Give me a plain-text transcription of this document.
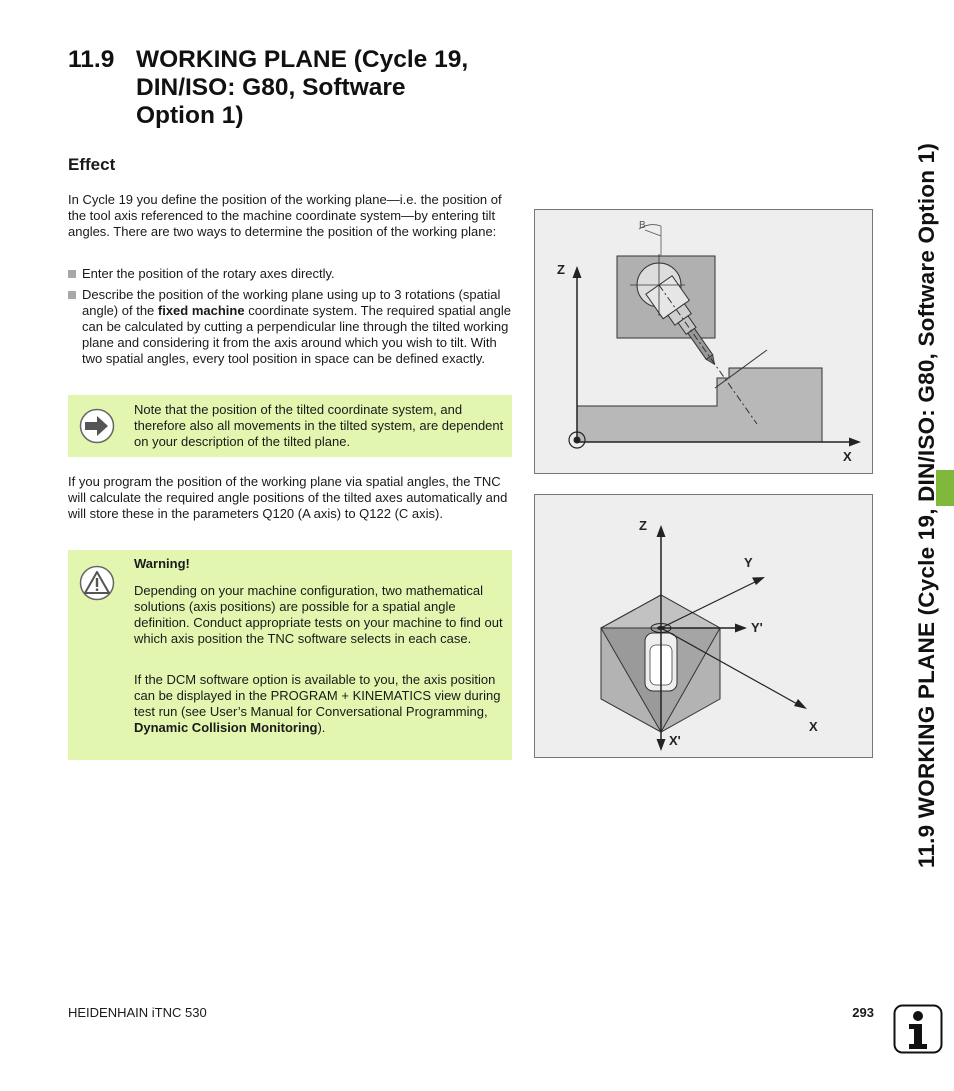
11.9 WORKING PLANE (Cycle 19,
DIN/ISO: G80, Software
Option 1)
Effect
In Cycle 19 you define the position of the working plane—i.e. the position of the tool axis referenced to the machine coordinate system—by entering tilt angles. There are two ways to determine the position of the working plane:
Enter the position of the rotary axes directly.
Describe the position of the working plane using up to 3 rotations (spatial angle) of the fixed machine coordinate system. The required spatial angle can be calculated by cutting a perpendicular line through the tilted working plane and considering it from the axis around which you wish to tilt. With two spatial angles, every tool position in space can be defined exactly.
Note that the position of the tilted coordinate system, and therefore also all movements in the tilted system, are dependent on your description of the tilted plane.
If you program the position of the working plane via spatial angles, the TNC will calculate the required angle positions of the tilted axes automatically and will store these in the parameters Q120 (A axis) to Q122 (C axis).
Warning!
Depending on your machine configuration, two mathematical solutions (axis positions) are possible for a spatial angle definition. Conduct appropriate tests on your machine to find out which axis position the TNC software selects in each case.
If the DCM software option is available to you, the axis position can be displayed in the PROGRAM + KINEMATICS view during test run (see User’s Manual for Conversational Programming, Dynamic Collision Monitoring).
B
Z
X
Z
Y
Y'
X
X'	11.9 WORKING PLANE (Cycle 19, DIN/ISO: G80, Software Option 1)
HEIDENHAIN iTNC 530	293
